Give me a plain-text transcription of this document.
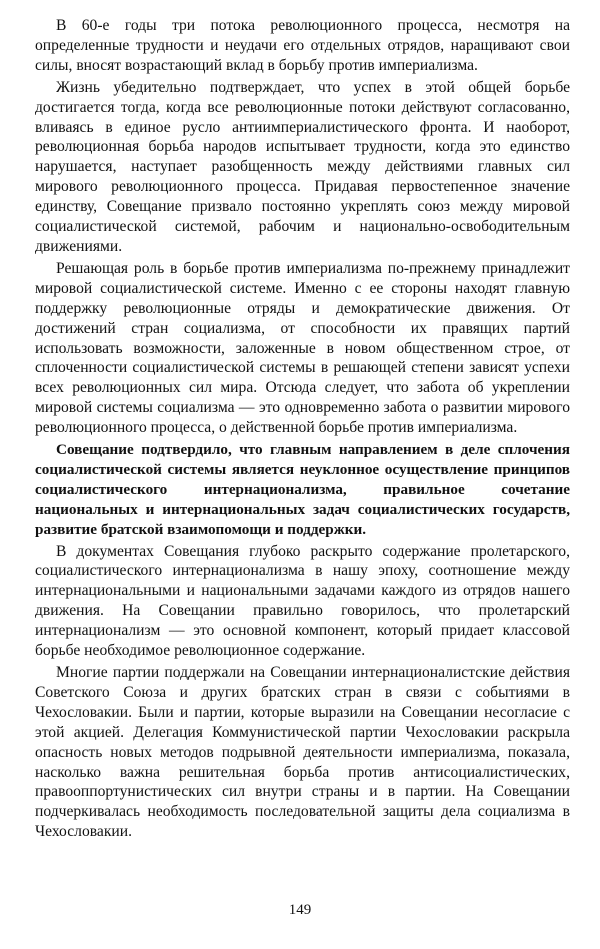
В 60-е годы три потока революционного процесса, несмотря на определенные трудности и неудачи его отдельных отрядов, наращивают свои силы, вносят возрастающий вклад в борьбу против империализма.

Жизнь убедительно подтверждает, что успех в этой общей борьбе достигается тогда, когда все революционные потоки действуют согласованно, вливаясь в единое русло антиимпериалистического фронта. И наоборот, революционная борьба народов испытывает трудности, когда это единство нарушается, наступает разобщенность между действиями главных сил мирового революционного процесса. Придавая первостепенное значение единству, Совещание призвало постоянно укреплять союз между мировой социалистической системой, рабочим и национально-освободительным движениями.

Решающая роль в борьбе против империализма по-прежнему принадлежит мировой социалистической системе. Именно с ее стороны находят главную поддержку революционные отряды и демократические движения. От достижений стран социализма, от способности их правящих партий использовать возможности, заложенные в новом общественном строе, от сплоченности социалистической системы в решающей степени зависят успехи всех революционных сил мира. Отсюда следует, что забота об укреплении мировой системы социализма — это одновременно забота о развитии мирового революционного процесса, о действенной борьбе против империализма.

Совещание подтвердило, что главным направлением в деле сплочения социалистической системы является неуклонное осуществление принципов социалистического интернационализма, правильное сочетание национальных и интернациональных задач социалистических государств, развитие братской взаимопомощи и поддержки.

В документах Совещания глубоко раскрыто содержание пролетарского, социалистического интернационализма в нашу эпоху, соотношение между интернациональными и национальными задачами каждого из отрядов нашего движения. На Совещании правильно говорилось, что пролетарский интернационализм — это основной компонент, который придает классовой борьбе необходимое революционное содержание.

Многие партии поддержали на Совещании интернационалистские действия Советского Союза и других братских стран в связи с событиями в Чехословакии. Были и партии, которые выразили на Совещании несогласие с этой акцией. Делегация Коммунистической партии Чехословакии раскрыла опасность новых методов подрывной деятельности империализма, показала, насколько важна решительная борьба против антисоциалистических, правооппортунистических сил внутри страны и в партии. На Совещании подчеркивалась необходимость последовательной защиты дела социализма в Чехословакии.

149
